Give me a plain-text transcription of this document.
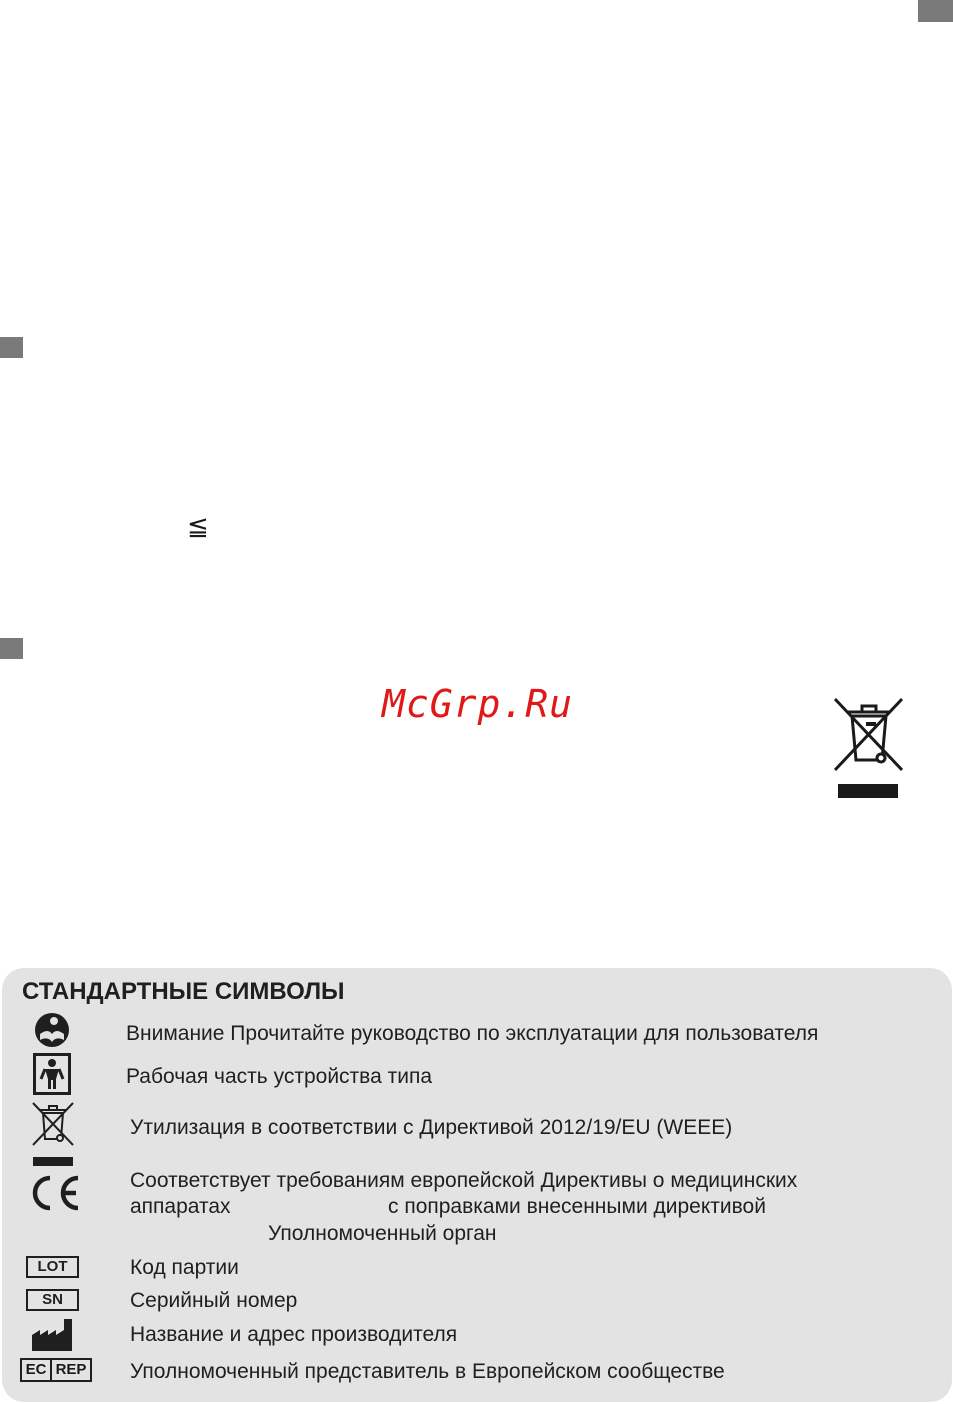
≦
McGrp.Ru
СТАНДАРТНЫЕ СИМВОЛЫ
Внимание Прочитайте руководство по эксплуатации для пользователя
Рабочая часть устройства типа
Утилизация в соответствии с Директивой 2012/19/EU (WEEE)
Соответствует требованиям европейской Директивы о медицинских
аппаратах	с поправками внесенными директивой
Уполномоченный орган
LOT	Код партии
SN	Серийный номер
Название и адрес производителя
EC REP Уполномоченный представитель в Европейском сообществе
